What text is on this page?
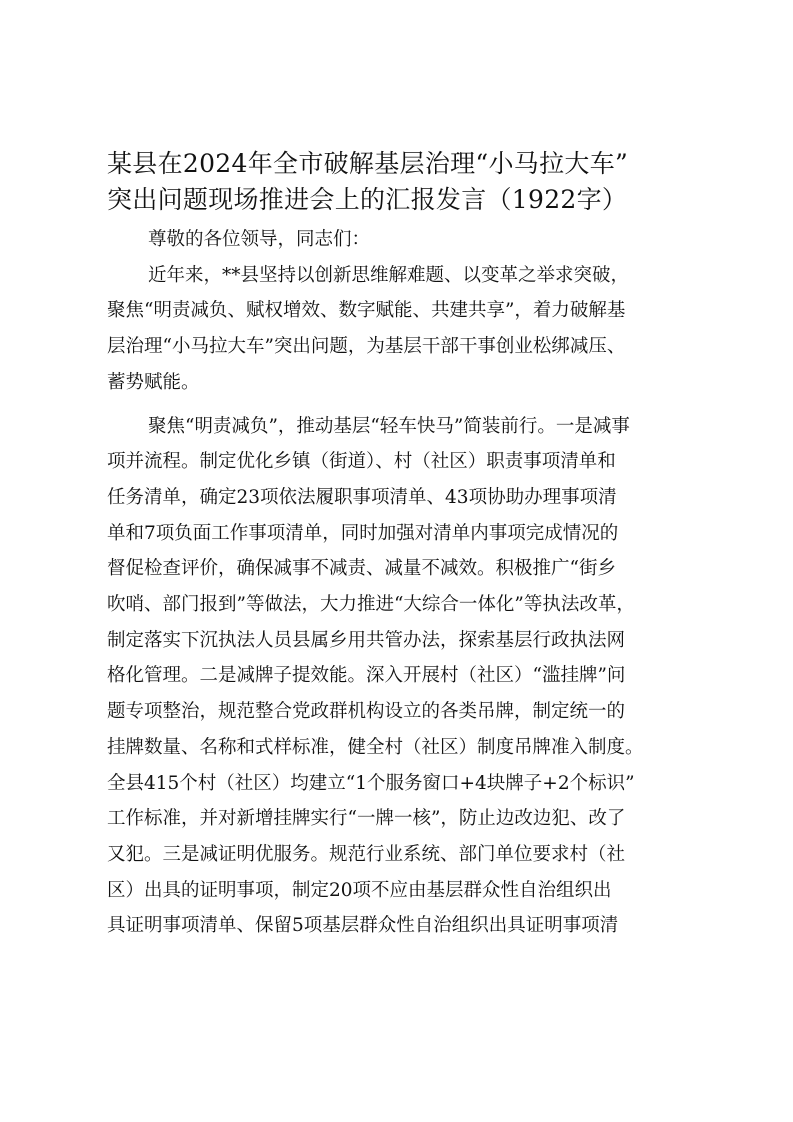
某县在2024年全市破解基层治理“小马拉大车”
突出问题现场推进会上的汇报发言（1922字）
尊敬的各位领导，同志们：
近年来，**县坚持以创新思维解难题、以变革之举求突破，
聚焦“明责减负、赋权增效、数字赋能、共建共享”，着力破解基
层治理“小马拉大车”突出问题，为基层干部干事创业松绑减压、
蓄势赋能。
聚焦“明责减负”，推动基层“轻车快马”简装前行。一是减事
项并流程。制定优化乡镇（街道）、村（社区）职责事项清单和
任务清单，确定23项依法履职事项清单、43项协助办理事项清
单和7项负面工作事项清单，同时加强对清单内事项完成情况的
督促检查评价，确保减事不减责、减量不减效。积极推广“街乡
吹哨、部门报到”等做法，大力推进“大综合一体化”等执法改革，
制定落实下沉执法人员县属乡用共管办法，探索基层行政执法网
格化管理。二是减牌子提效能。深入开展村（社区）“滥挂牌”问
题专项整治，规范整合党政群机构设立的各类吊牌，制定统一的
挂牌数量、名称和式样标准，健全村（社区）制度吊牌准入制度。
全县415个村（社区）均建立“1个服务窗口+4块牌子+2个标识”
工作标准，并对新增挂牌实行“一牌一核”，防止边改边犯、改了
又犯。三是减证明优服务。规范行业系统、部门单位要求村（社
区）出具的证明事项，制定20项不应由基层群众性自治组织出
具证明事项清单、保留5项基层群众性自治组织出具证明事项清
